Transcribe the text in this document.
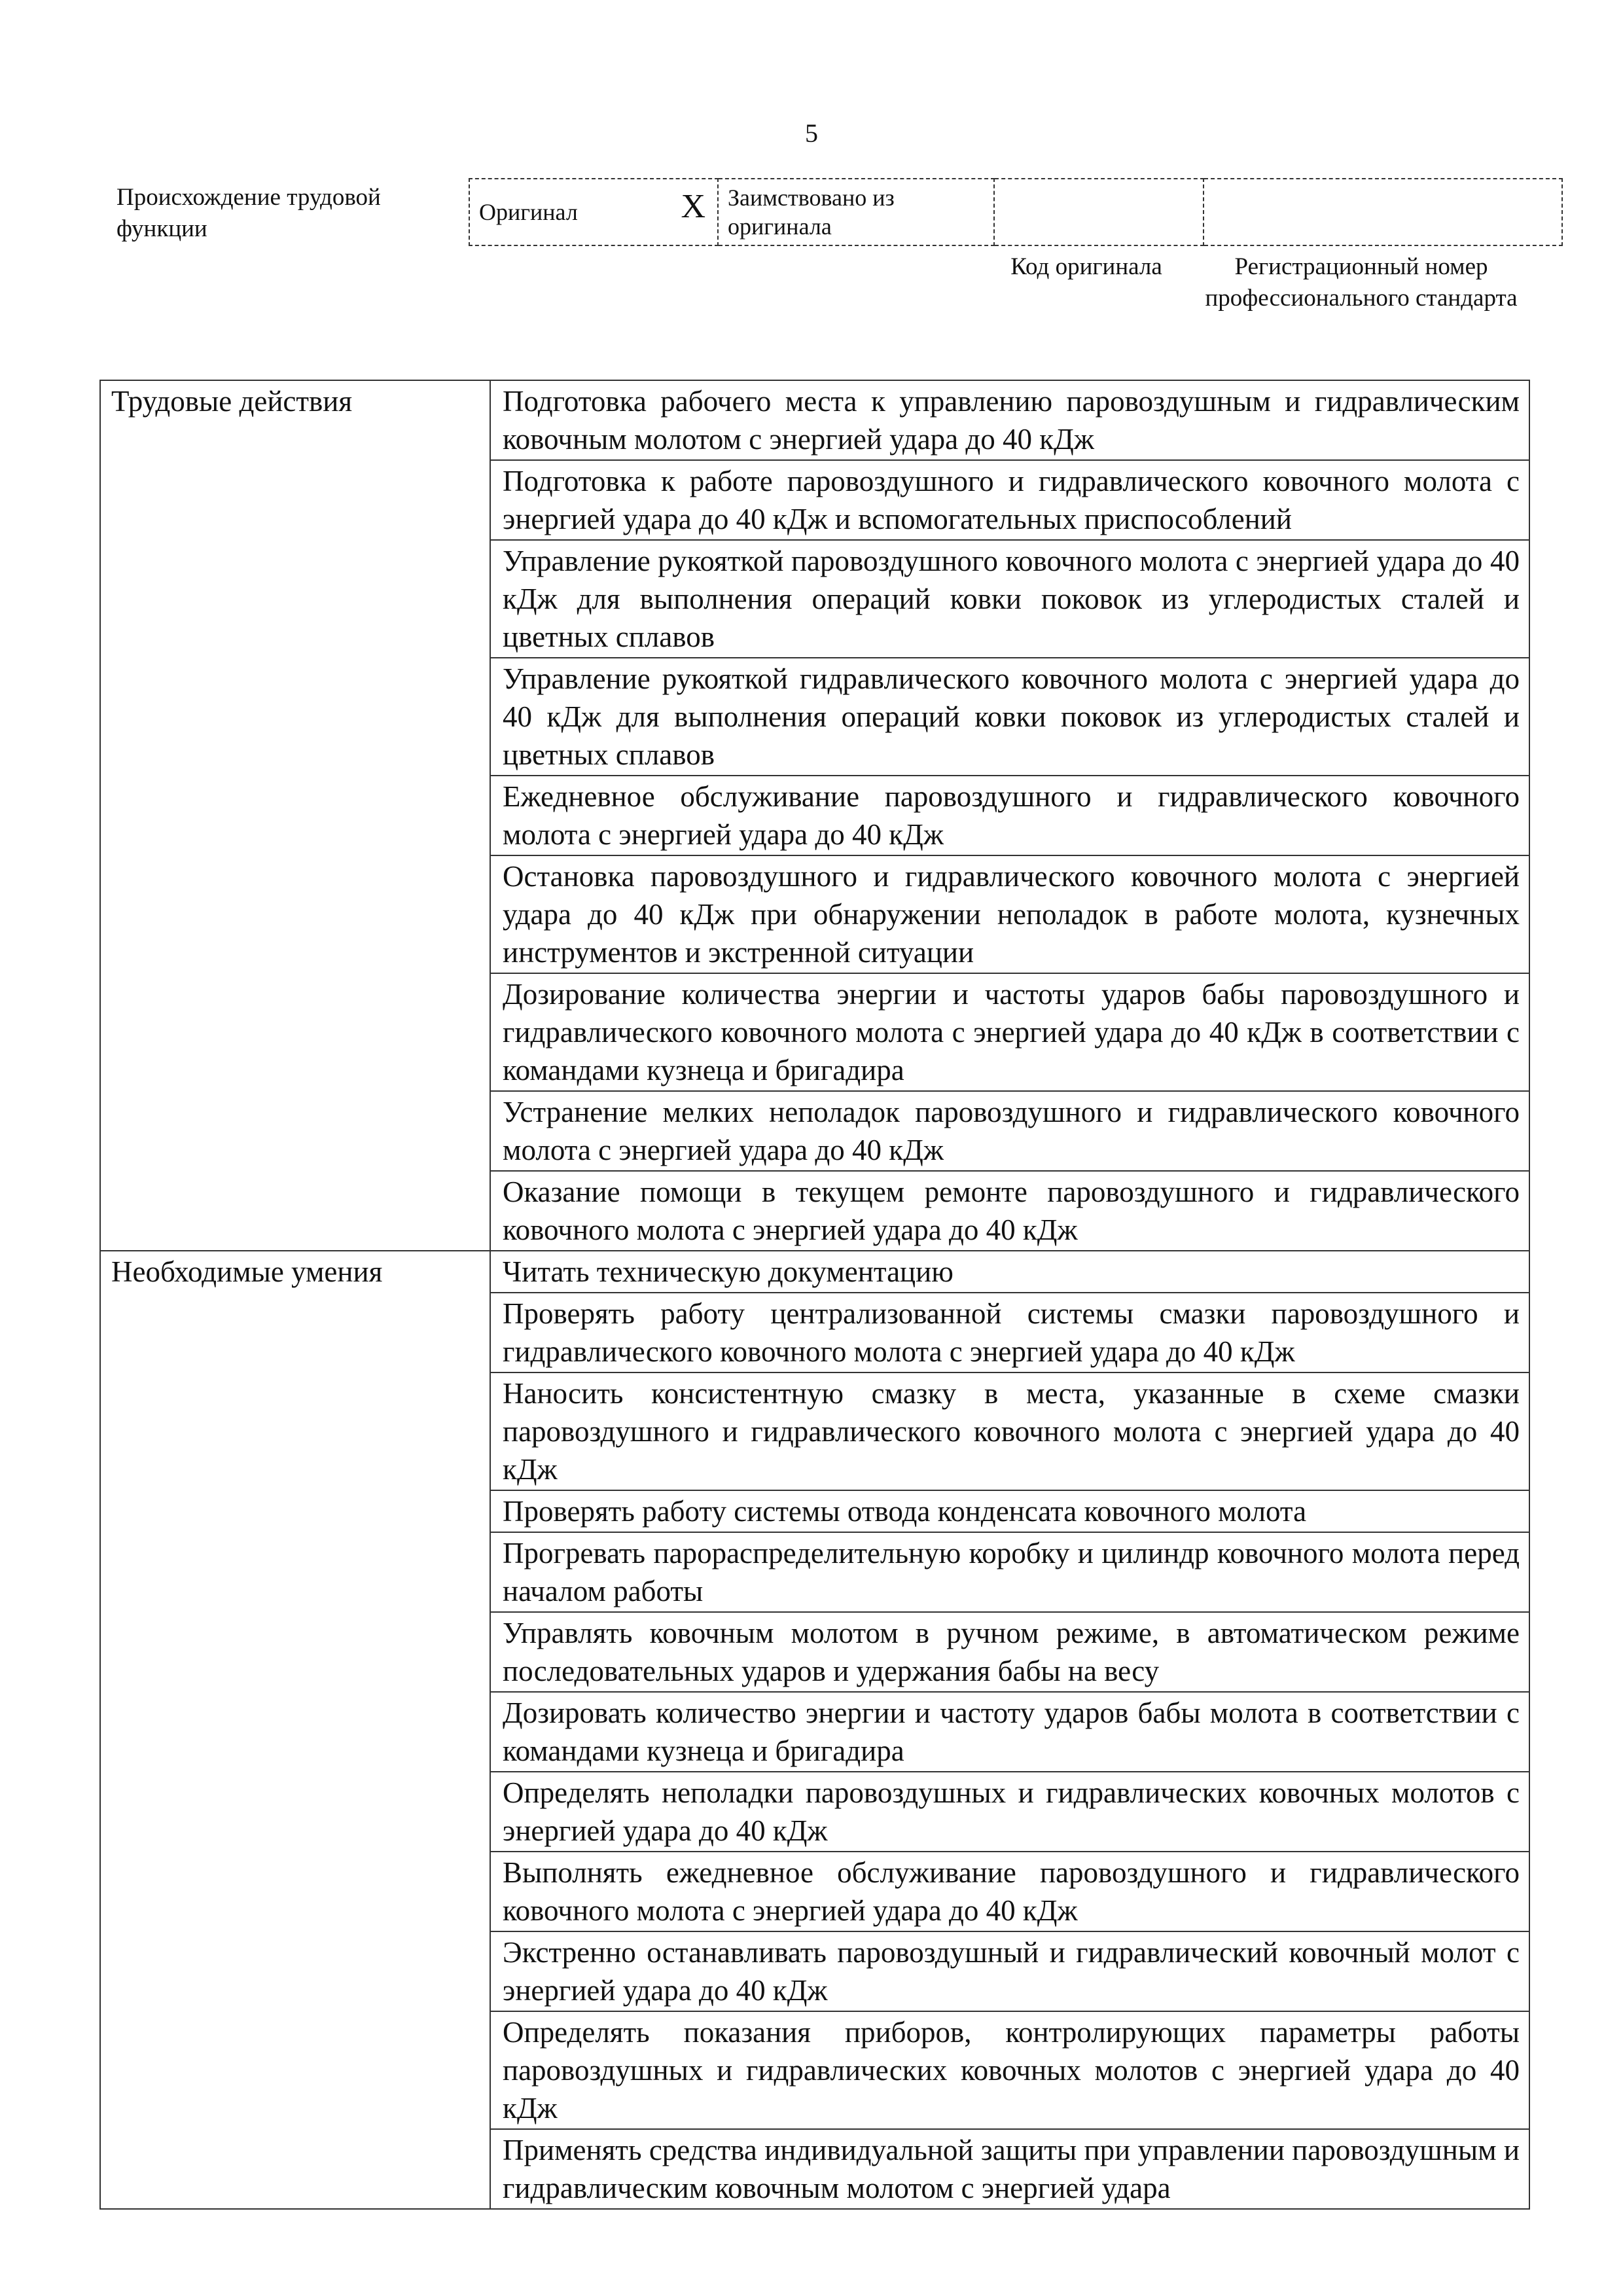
5
Происхождение трудовой функции
Оригинал	X	Заимствовано из оригинала		
Код оригинала	Регистрационный номер профессионального стандарта
Трудовые действия	Подготовка рабочего места к управлению паровоздушным и гидравлическим ковочным молотом с энергией удара до 40 кДж
	Подготовка к работе паровоздушного и гидравлического ковочного молота с энергией удара до 40 кДж и вспомогательных приспособлений
	Управление рукояткой паровоздушного ковочного молота с энергией удара до 40 кДж для выполнения операций ковки поковок из углеродистых сталей и цветных сплавов
	Управление рукояткой гидравлического ковочного молота с энергией удара до 40 кДж для выполнения операций ковки поковок из углеродистых сталей и цветных сплавов
	Ежедневное обслуживание паровоздушного и гидравлического ковочного молота с энергией удара до 40 кДж
	Остановка паровоздушного и гидравлического ковочного молота с энергией удара до 40 кДж при обнаружении неполадок в работе молота, кузнечных инструментов и экстренной ситуации
	Дозирование количества энергии и частоты ударов бабы паровоздушного и гидравлического ковочного молота с энергией удара до 40 кДж в соответствии с командами кузнеца и бригадира
	Устранение мелких неполадок паровоздушного и гидравлического ковочного молота с энергией удара до 40 кДж
	Оказание помощи в текущем ремонте паровоздушного и гидравлического ковочного молота с энергией удара до 40 кДж
Необходимые умения	Читать техническую документацию
	Проверять работу централизованной системы смазки паровоздушного и гидравлического ковочного молота с энергией удара до 40 кДж
	Наносить консистентную смазку в места, указанные в схеме смазки паровоздушного и гидравлического ковочного молота с энергией удара до 40 кДж
	Проверять работу системы отвода конденсата ковочного молота
	Прогревать парораспределительную коробку и цилиндр ковочного молота перед началом работы
	Управлять ковочным молотом в ручном режиме, в автоматическом режиме последовательных ударов и удержания бабы на весу
	Дозировать количество энергии и частоту ударов бабы молота в соответствии с командами кузнеца и бригадира
	Определять неполадки паровоздушных и гидравлических ковочных молотов с энергией удара до 40 кДж
	Выполнять ежедневное обслуживание паровоздушного и гидравлического ковочного молота с энергией удара до 40 кДж
	Экстренно останавливать паровоздушный и гидравлический ковочный молот с энергией удара до 40 кДж
	Определять показания приборов, контролирующих параметры работы паровоздушных и гидравлических ковочных молотов с энергией удара до 40 кДж
	Применять средства индивидуальной защиты при управлении паровоздушным и гидравлическим ковочным молотом с энергией удара
